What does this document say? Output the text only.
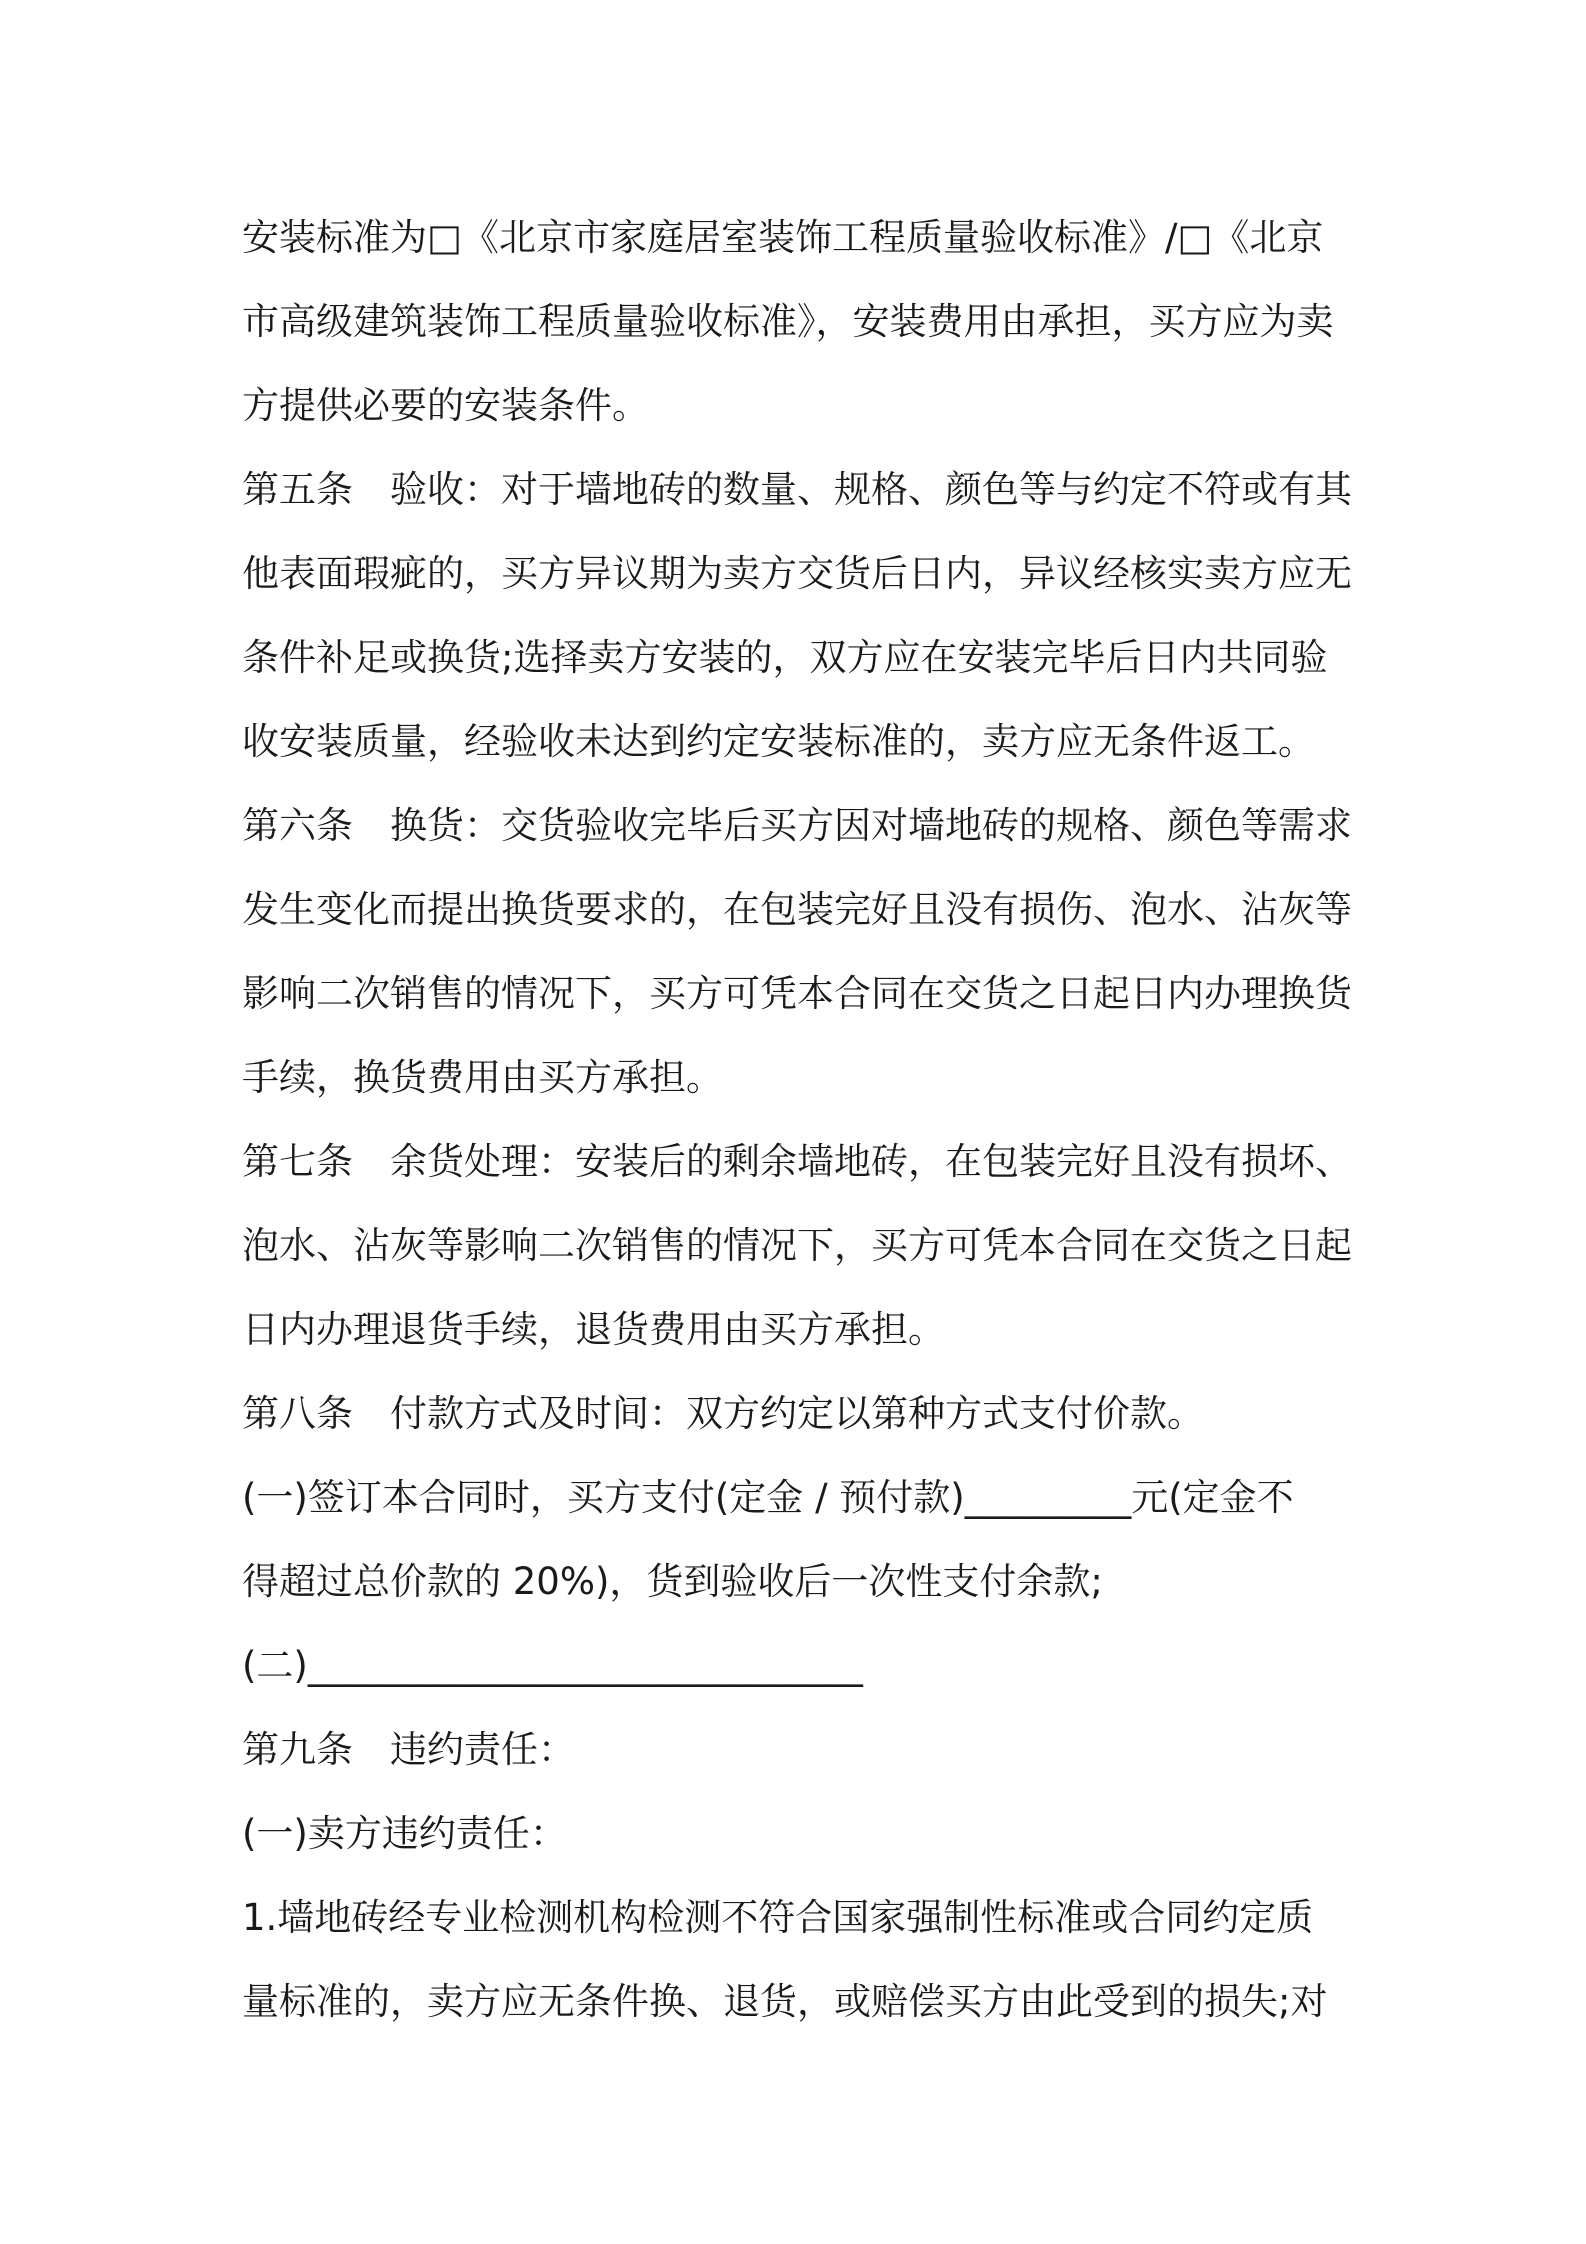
安装标准为□《北京市家庭居室装饰工程质量验收标准》/□《北京
市高级建筑装饰工程质量验收标准》，安装费用由承担，买方应为卖
方提供必要的安装条件。
第五条　验收：对于墙地砖的数量、规格、颜色等与约定不符或有其
他表面瑕疵的，买方异议期为卖方交货后日内，异议经核实卖方应无
条件补足或换货;选择卖方安装的，双方应在安装完毕后日内共同验
收安装质量，经验收未达到约定安装标准的，卖方应无条件返工。
第六条　换货：交货验收完毕后买方因对墙地砖的规格、颜色等需求
发生变化而提出换货要求的，在包装完好且没有损伤、泡水、沾灰等
影响二次销售的情况下，买方可凭本合同在交货之日起日内办理换货
手续，换货费用由买方承担。
第七条　余货处理：安装后的剩余墙地砖，在包装完好且没有损坏、
泡水、沾灰等影响二次销售的情况下，买方可凭本合同在交货之日起
日内办理退货手续，退货费用由买方承担。
第八条　付款方式及时间：双方约定以第种方式支付价款。
(一)签订本合同时，买方支付(定金 / 预付款)_________元(定金不
得超过总价款的 20%)，货到验收后一次性支付余款;
(二)______________________________
第九条　违约责任：
(一)卖方违约责任：
1.墙地砖经专业检测机构检测不符合国家强制性标准或合同约定质
量标准的，卖方应无条件换、退货，或赔偿买方由此受到的损失;对
